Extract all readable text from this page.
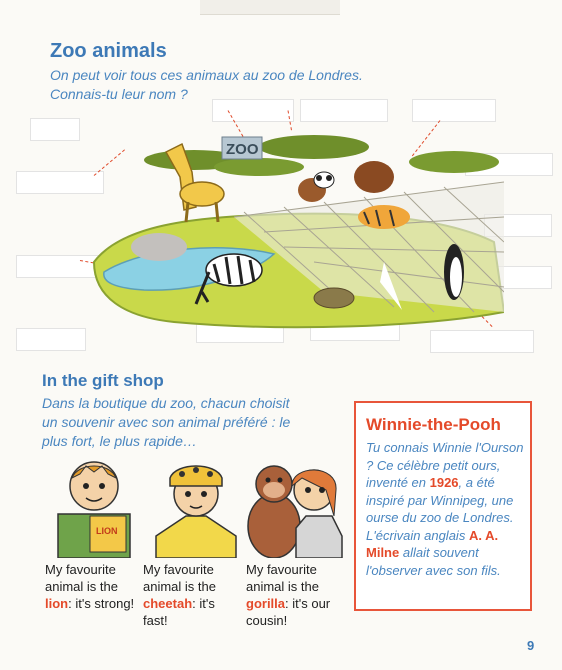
Zoo animals

On peut voir tous ces animaux au zoo de Londres. Connais-tu leur nom ?

ZOO
In the gift shop

Dans la boutique du zoo, chacun choisit un souvenir avec son animal préféré : le plus fort, le plus rapide…

LION
My favourite animal is the lion: it's strong!
My favourite animal is the cheetah: it's fast!
My favourite animal is the gorilla: it's our cousin!
Winnie-the-Pooh
Tu connais Winnie l'Ourson ? Ce célèbre petit ours, inventé en 1926, a été inspiré par Winnipeg, une ourse du zoo de Londres. L'écrivain anglais A. A. Milne allait souvent l'observer avec son fils.
9
